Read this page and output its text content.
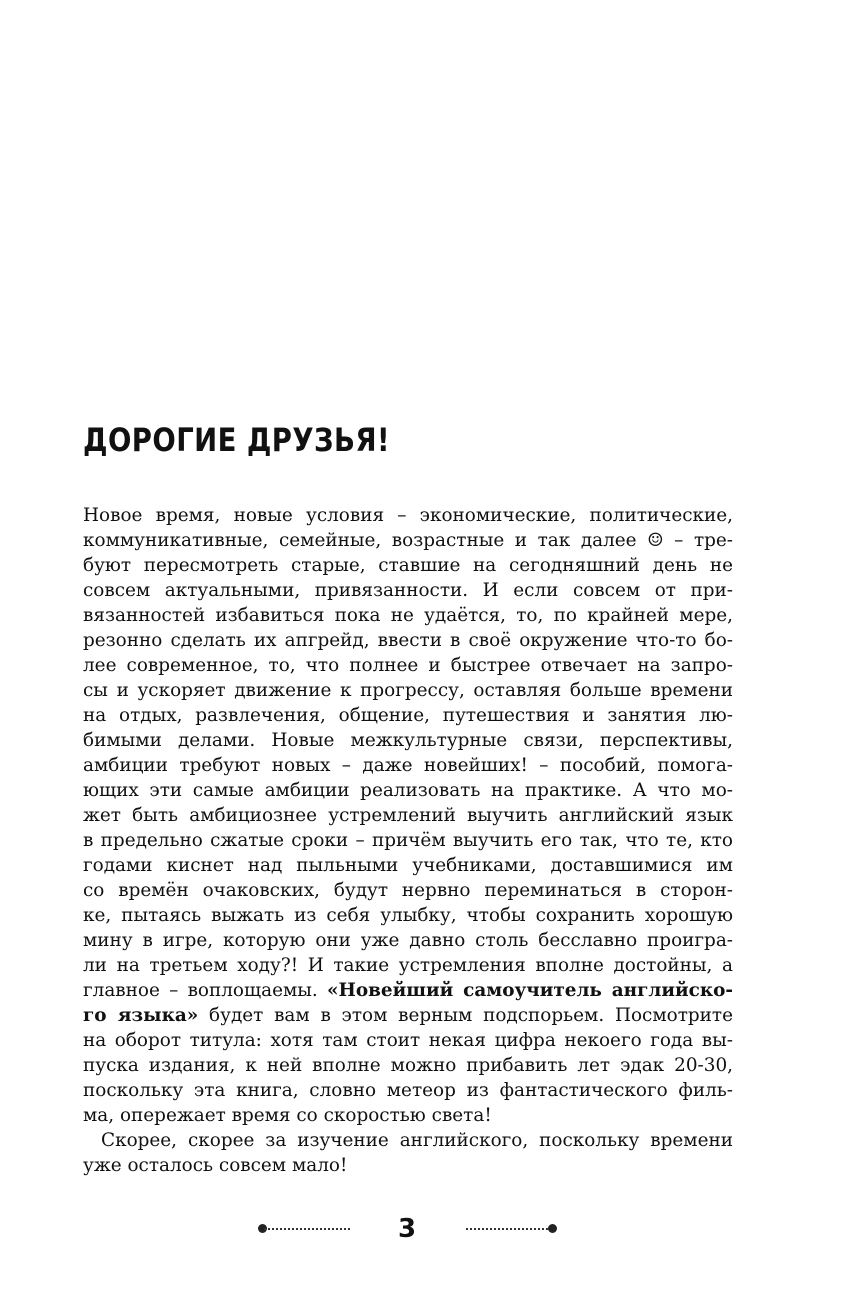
ДОРОГИЕ ДРУЗЬЯ!
Новое время, новые условия – экономические, политические,
коммуникативные, семейные, возрастные и так далее ☺ – тре-
буют пересмотреть старые, ставшие на сегодняшний день не
совсем актуальными, привязанности. И если совсем от при-
вязанностей избавиться пока не удаётся, то, по крайней мере,
резонно сделать их апгрейд, ввести в своё окружение что-то бо-
лее современное, то, что полнее и быстрее отвечает на запро-
сы и ускоряет движение к прогрессу, оставляя больше времени
на отдых, развлечения, общение, путешествия и занятия лю-
бимыми делами. Новые межкультурные связи, перспективы,
амбиции требуют новых – даже новейших! – пособий, помога-
ющих эти самые амбиции реализовать на практике. А что мо-
жет быть амбициознее устремлений выучить английский язык
в предельно сжатые сроки – причём выучить его так, что те, кто
годами киснет над пыльными учебниками, доставшимися им
со времён очаковских, будут нервно переминаться в сторон-
ке, пытаясь выжать из себя улыбку, чтобы сохранить хорошую
мину в игре, которую они уже давно столь бесславно проигра-
ли на третьем ходу?! И такие устремления вполне достойны, а
главное – воплощаемы. «Новейший самоучитель английско-
го языка» будет вам в этом верным подспорьем. Посмотрите
на оборот титула: хотя там стоит некая цифра некоего года вы-
пуска издания, к ней вполне можно прибавить лет эдак 20-30,
поскольку эта книга, словно метеор из фантастического филь-
ма, опережает время со скоростью света!
Скорее, скорее за изучение английского, поскольку времени
уже осталось совсем мало!
3
